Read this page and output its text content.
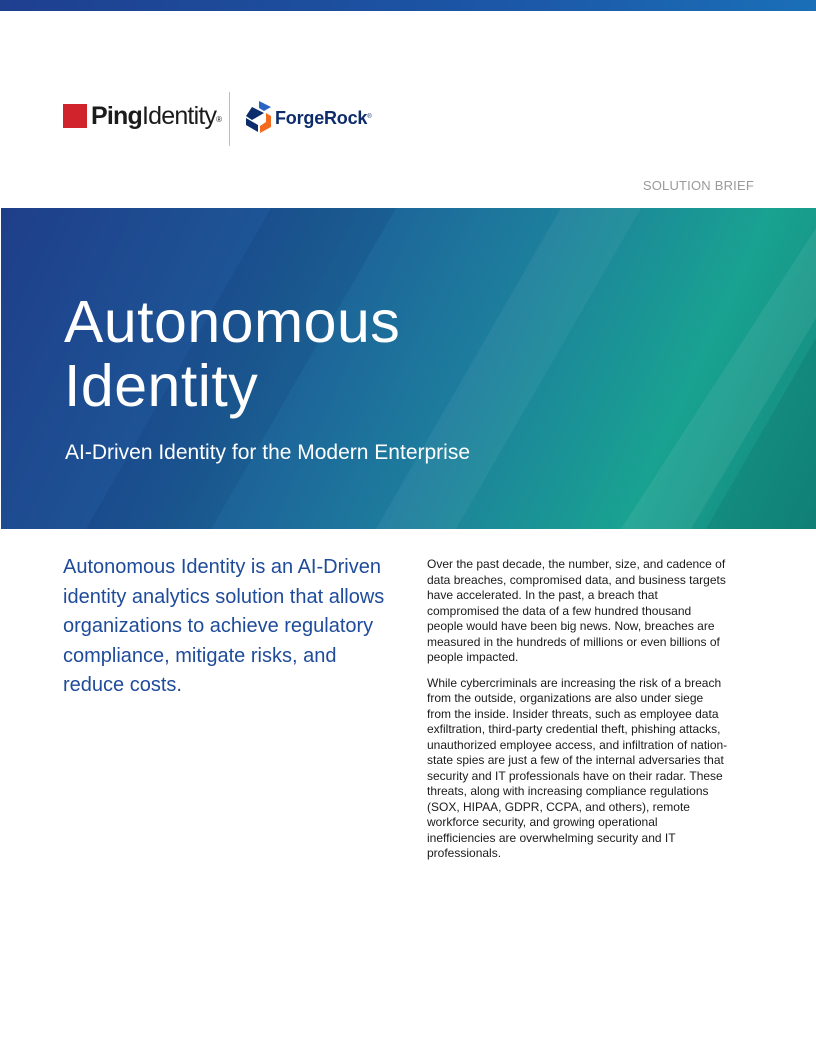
PingIdentity®	ForgeRock®
SOLUTION BRIEF
Autonomous
Identity
AI-Driven Identity for the Modern Enterprise

Autonomous Identity is an AI-Driven identity analytics solution that allows organizations to achieve regulatory compliance, mitigate risks, and reduce costs.

Over the past decade, the number, size, and cadence of data breaches, compromised data, and business targets have accelerated. In the past, a breach that compromised the data of a few hundred thousand people would have been big news. Now, breaches are measured in the hundreds of millions or even billions of people impacted.

While cybercriminals are increasing the risk of a breach from the outside, organizations are also under siege from the inside. Insider threats, such as employee data exfiltration, third-party credential theft, phishing attacks, unauthorized employee access, and infiltration of nation-state spies are just a few of the internal adversaries that security and IT professionals have on their radar. These threats, along with increasing compliance regulations (SOX, HIPAA, GDPR, CCPA, and others), remote workforce security, and growing operational inefficiencies are overwhelming security and IT professionals.
